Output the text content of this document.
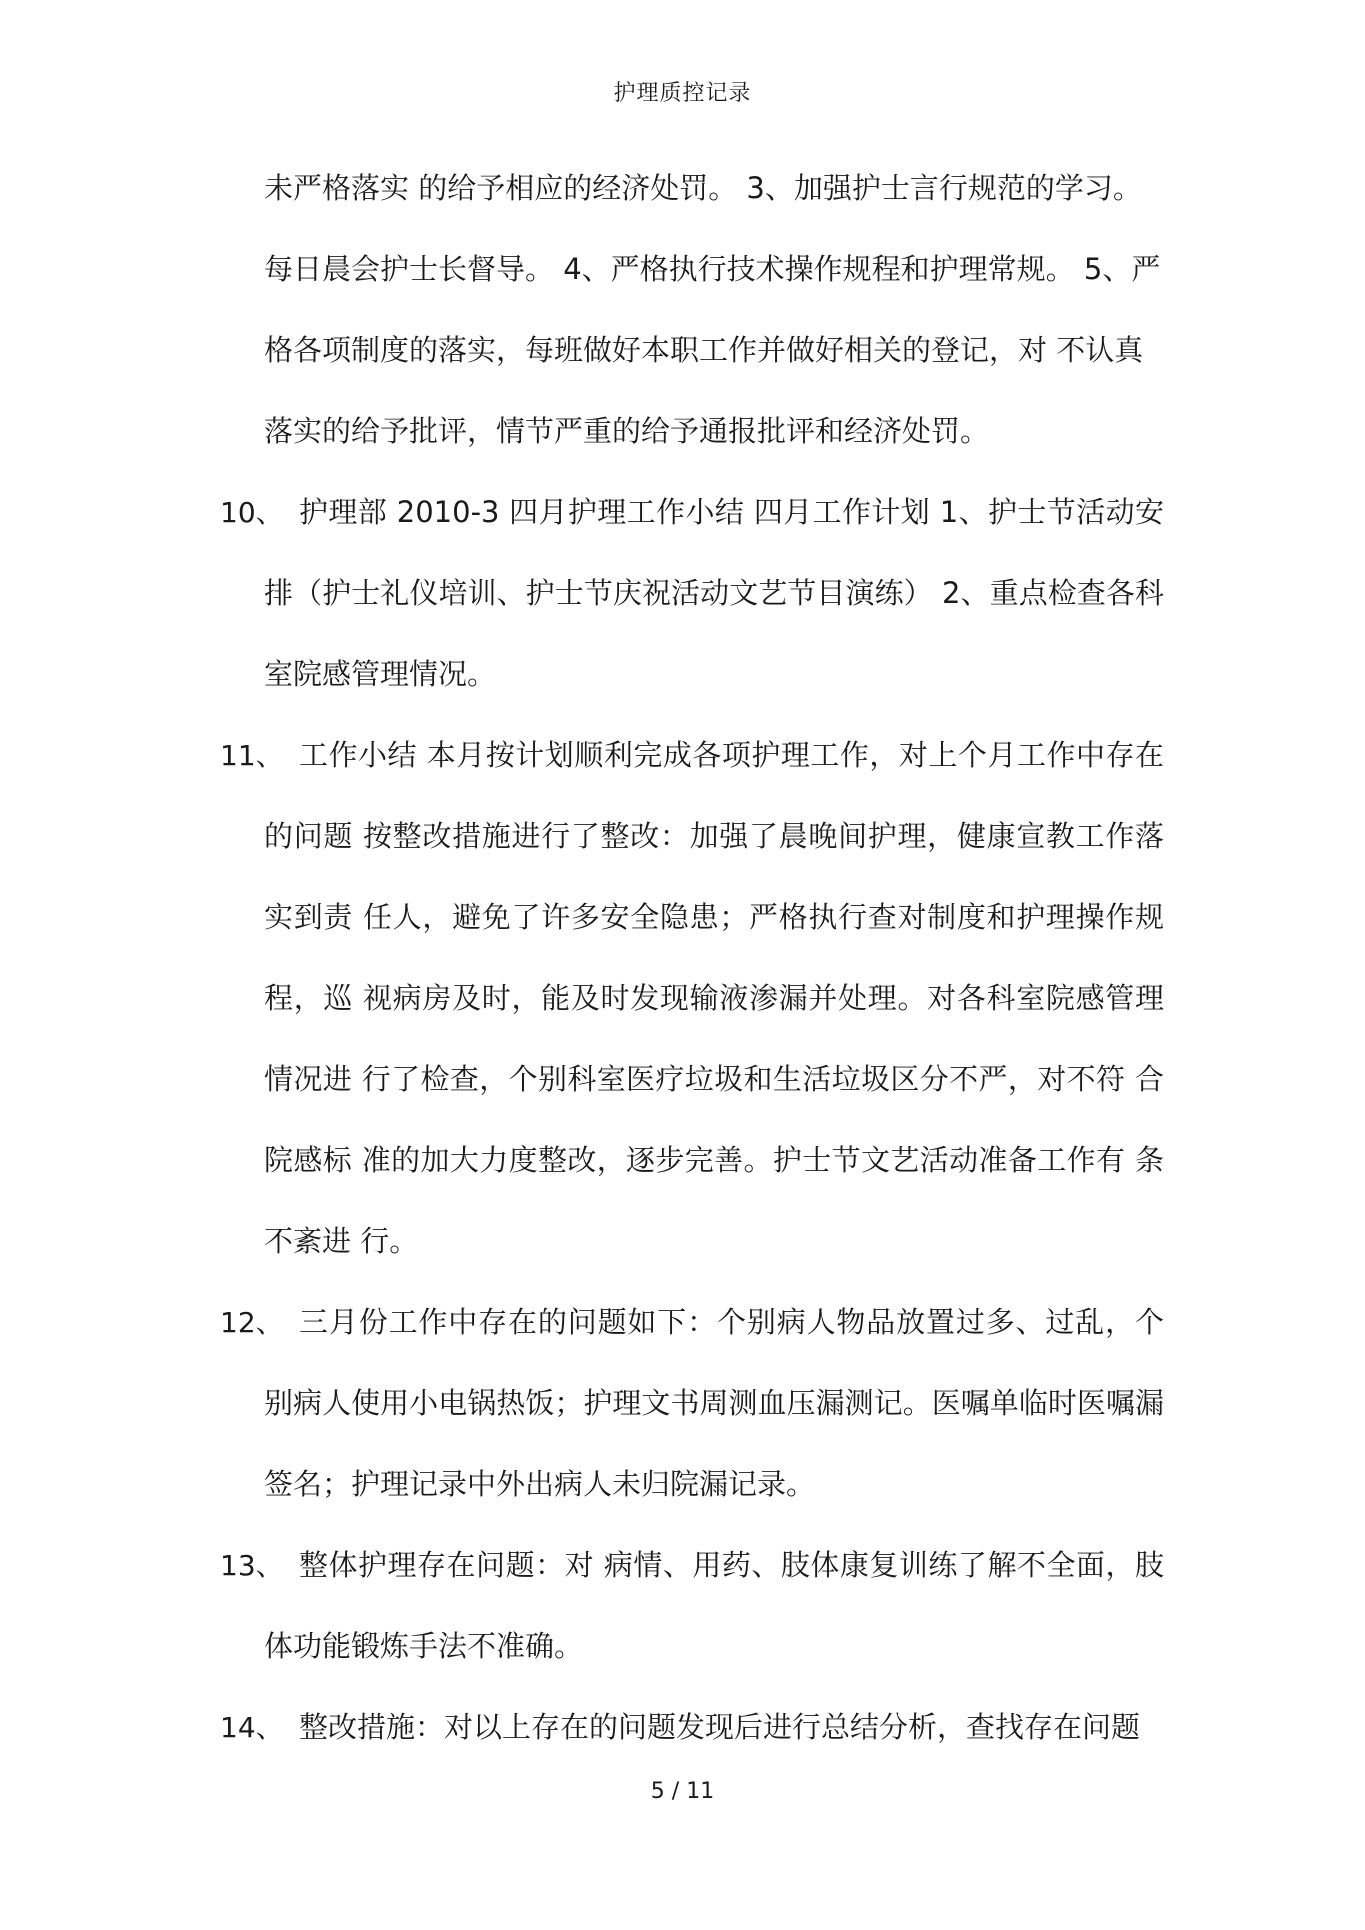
护理质控记录

未严格落实 的给予相应的经济处罚。 3、加强护士言行规范的学习。 每日晨会护士长督导。 4、严格执行技术操作规程和护理常规。 5、严格各项制度的落实，每班做好本职工作并做好相关的登记，对 不认真落实的给予批评，情节严重的给予通报批评和经济处罚。

10、 护理部 2010-3 四月护理工作小结 四月工作计划 1、护士节活动安排（护士礼仪培训、护士节庆祝活动文艺节目演练） 2、重点检查各科室院感管理情况。

11、 工作小结 本月按计划顺利完成各项护理工作，对上个月工作中存在的问题 按整改措施进行了整改：加强了晨晚间护理，健康宣教工作落实到责 任人，避免了许多安全隐患；严格执行查对制度和护理操作规程，巡 视病房及时，能及时发现输液渗漏并处理。对各科室院感管理情况进 行了检查，个别科室医疗垃圾和生活垃圾区分不严，对不符 合院感标 准的加大力度整改，逐步完善。护士节文艺活动准备工作有 条不紊进 行。

12、 三月份工作中存在的问题如下：个别病人物品放置过多、过乱，个 别病人使用小电锅热饭；护理文书周测血压漏测记。医嘱单临时医嘱漏签名；护理记录中外出病人未归院漏记录。

13、 整体护理存在问题：对 病情、用药、肢体康复训练了解不全面，肢体功能锻炼手法不准确。

14、 整改措施：对以上存在的问题发现后进行总结分析，查找存在问题

5 / 11
